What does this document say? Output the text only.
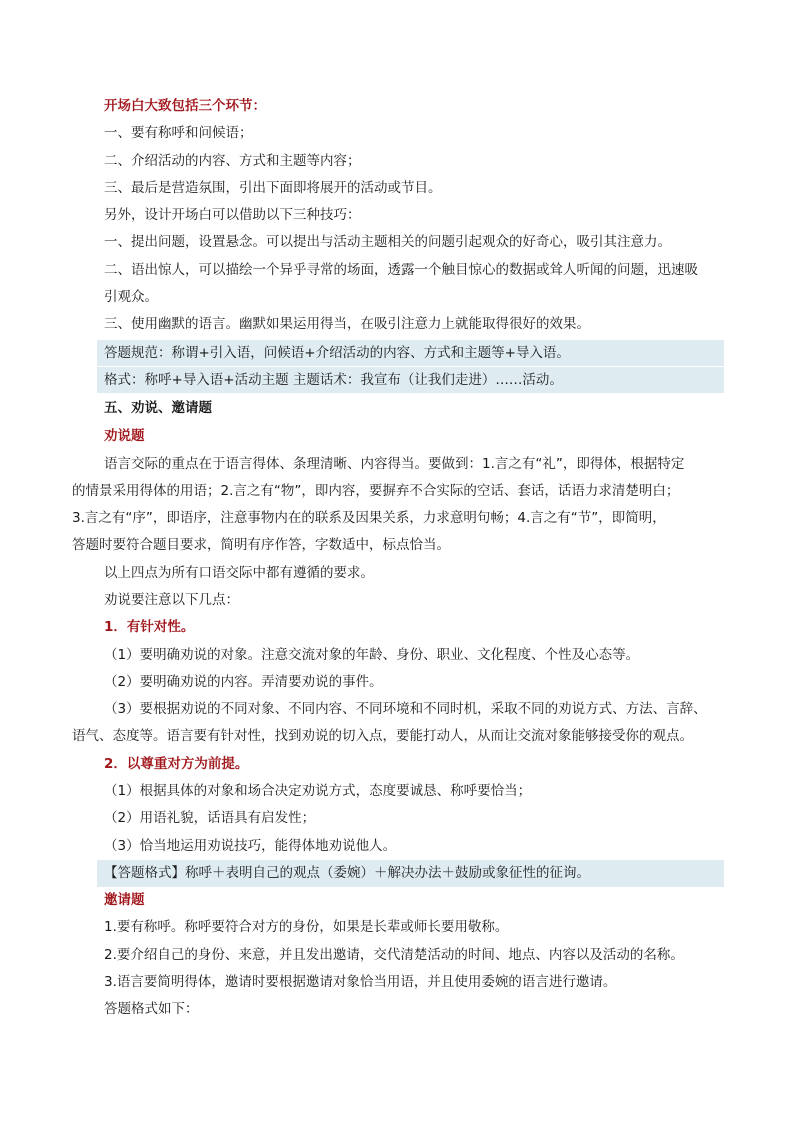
开场白大致包括三个环节：
一、要有称呼和问候语；
二、介绍活动的内容、方式和主题等内容；
三、最后是营造氛围，引出下面即将展开的活动或节目。
另外，设计开场白可以借助以下三种技巧：
一、提出问题，设置悬念。可以提出与活动主题相关的问题引起观众的好奇心，吸引其注意力。
二、语出惊人，可以描绘一个异乎寻常的场面，透露一个触目惊心的数据或耸人听闻的问题，迅速吸
引观众。
三、使用幽默的语言。幽默如果运用得当，在吸引注意力上就能取得很好的效果。
答题规范：称谓+引入语，问候语+介绍活动的内容、方式和主题等+导入语。
格式：称呼+导入语+活动主题 主题话术：我宣布（让我们走进）……活动。
五、劝说、邀请题
劝说题
语言交际的重点在于语言得体、条理清晰、内容得当。要做到：1.言之有“礼”，即得体，根据特定
的情景采用得体的用语；2.言之有“物”，即内容，要摒弃不合实际的空话、套话，话语力求清楚明白；
3.言之有“序”，即语序，注意事物内在的联系及因果关系，力求意明句畅；4.言之有“节”，即简明，
答题时要符合题目要求，简明有序作答，字数适中，标点恰当。
以上四点为所有口语交际中都有遵循的要求。
劝说要注意以下几点：
1．有针对性。
（1）要明确劝说的对象。注意交流对象的年龄、身份、职业、文化程度、个性及心态等。
（2）要明确劝说的内容。弄清要劝说的事件。
（3）要根据劝说的不同对象、不同内容、不同环境和不同时机，采取不同的劝说方式、方法、言辞、
语气、态度等。语言要有针对性，找到劝说的切入点，要能打动人，从而让交流对象能够接受你的观点。
2．以尊重对方为前提。
（1）根据具体的对象和场合决定劝说方式，态度要诚恳、称呼要恰当；
（2）用语礼貌，话语具有启发性；
（3）恰当地运用劝说技巧，能得体地劝说他人。
【答题格式】称呼＋表明自己的观点（委婉）＋解决办法＋鼓励或象征性的征询。
邀请题
1.要有称呼。称呼要符合对方的身份，如果是长辈或师长要用敬称。
2.要介绍自己的身份、来意，并且发出邀请，交代清楚活动的时间、地点、内容以及活动的名称。
3.语言要简明得体，邀请时要根据邀请对象恰当用语，并且使用委婉的语言进行邀请。
答题格式如下：
